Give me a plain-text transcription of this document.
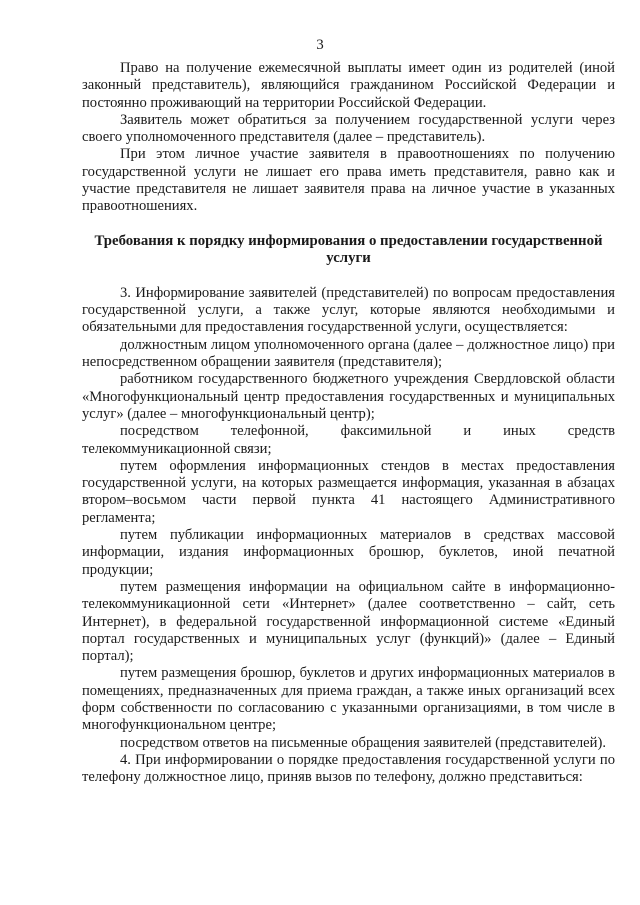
3

Право на получение ежемесячной выплаты имеет один из родителей (иной законный представитель), являющийся гражданином Российской Федерации и постоянно проживающий на территории Российской Федерации.

Заявитель может обратиться за получением государственной услуги через своего уполномоченного представителя (далее – представитель).

При этом личное участие заявителя в правоотношениях по получению государственной услуги не лишает его права иметь представителя, равно как и участие представителя не лишает заявителя права на личное участие в указанных правоотношениях.

Требования к порядку информирования о предоставлении государственной услуги

3. Информирование заявителей (представителей) по вопросам предоставления государственной услуги, а также услуг, которые являются необходимыми и обязательными для предоставления государственной услуги, осуществляется:

должностным лицом уполномоченного органа (далее – должностное лицо) при непосредственном обращении заявителя (представителя);

работником государственного бюджетного учреждения Свердловской области «Многофункциональный центр предоставления государственных и муниципальных услуг» (далее – многофункциональный центр);

посредством телефонной, факсимильной и иных средств телекоммуникационной связи;

путем оформления информационных стендов в местах предоставления государственной услуги, на которых размещается информация, указанная в абзацах втором–восьмом части первой пункта 41 настоящего Административного регламента;

путем публикации информационных материалов в средствах массовой информации, издания информационных брошюр, буклетов, иной печатной продукции;

путем размещения информации на официальном сайте в информационно-телекоммуникационной сети «Интернет» (далее соответственно – сайт, сеть Интернет), в федеральной государственной информационной системе «Единый портал государственных и муниципальных услуг (функций)» (далее – Единый портал);

путем размещения брошюр, буклетов и других информационных материалов в помещениях, предназначенных для приема граждан, а также иных организаций всех форм собственности по согласованию с указанными организациями, в том числе в многофункциональном центре;

посредством ответов на письменные обращения заявителей (представителей).

4. При информировании о порядке предоставления государственной услуги по телефону должностное лицо, приняв вызов по телефону, должно представиться:
